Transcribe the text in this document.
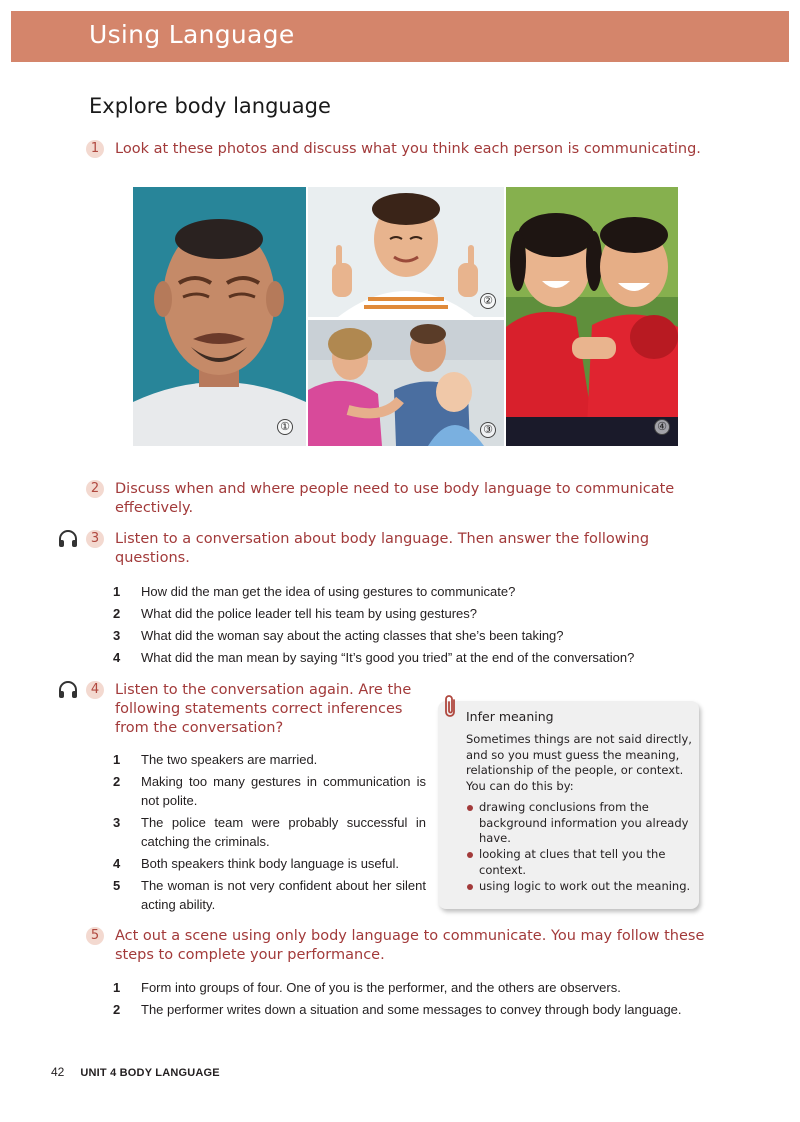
Using Language
Explore body language
1	Look at these photos and discuss what you think each person is communicating.
①
②
③	④
2	Discuss when and where people need to use body language to communicate effectively.
3	Listen to a conversation about body language. Then answer the following questions.
1 How did the man get the idea of using gestures to communicate?
2 What did the police leader tell his team by using gestures?
3 What did the woman say about the acting classes that she’s been taking?
4 What did the man mean by saying “It’s good you tried” at the end of the conversation?
4	Listen to the conversation again. Are the following statements correct inferences from the conversation?
1 The two speakers are married.
2 Making too many gestures in communication is not polite.
3 The police team were probably successful in catching the criminals.
4 Both speakers think body language is useful.
5 The woman is not very confident about her silent acting ability.
Infer meaning
Sometimes things are not said directly, and so you must guess the meaning, relationship of the people, or context. You can do this by:
drawing conclusions from the background information you already have.
looking at clues that tell you the context.
using logic to work out the meaning.
5	Act out a scene using only body language to communicate. You may follow these steps to complete your performance.
1 Form into groups of four. One of you is the performer, and the others are observers.
2 The performer writes down a situation and some messages to convey through body language.
42 UNIT 4 BODY LANGUAGE
